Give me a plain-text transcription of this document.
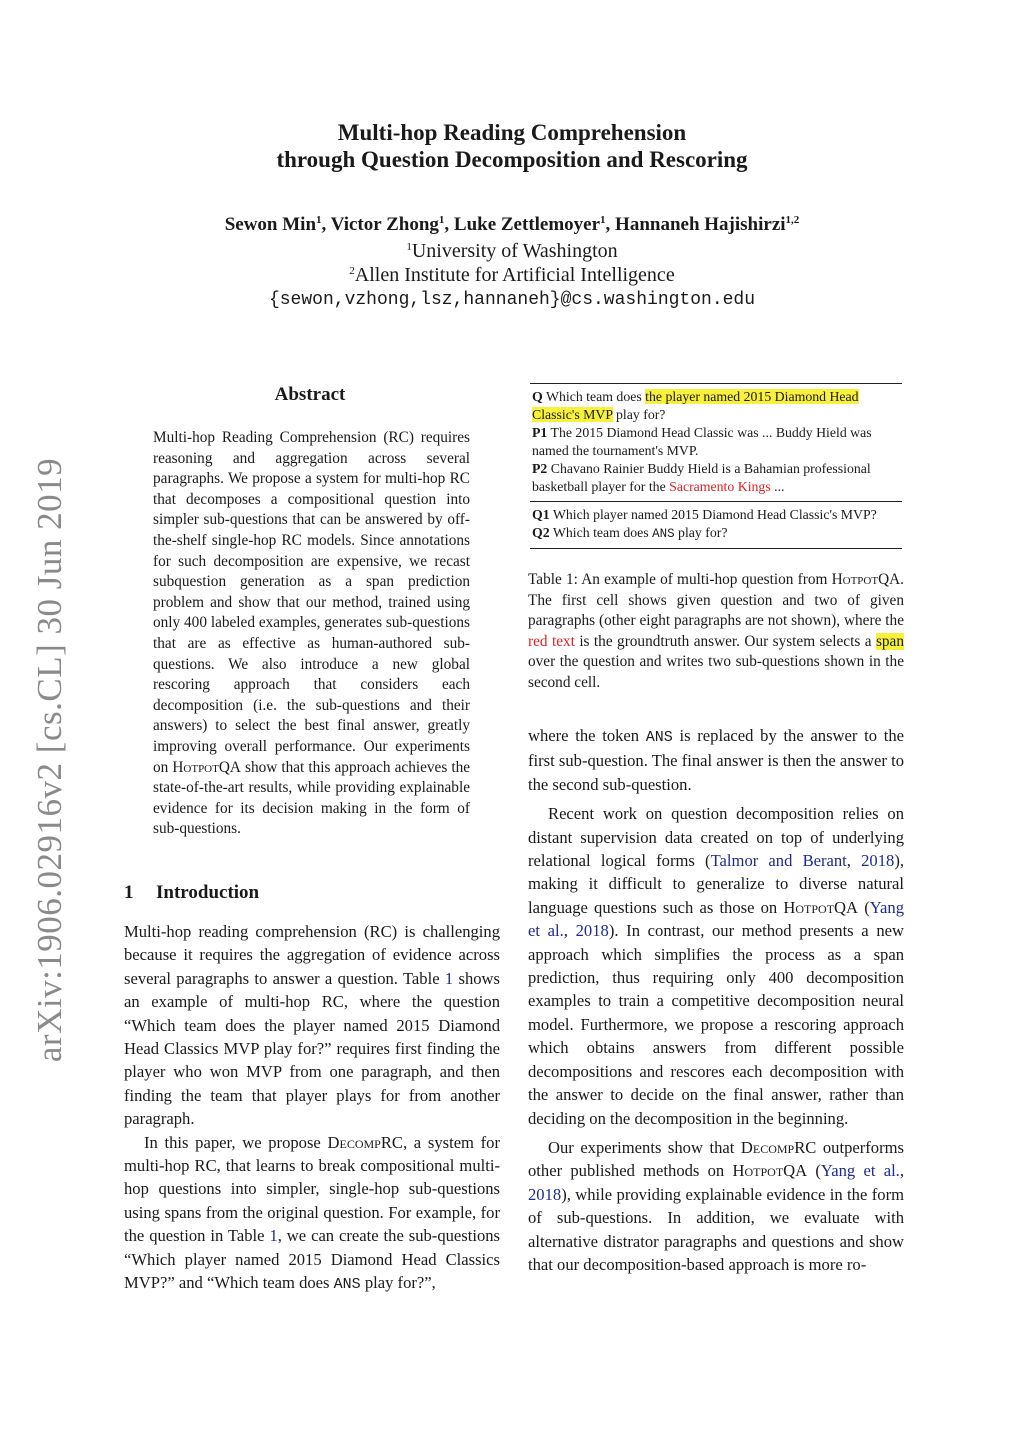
arXiv:1906.02916v2 [cs.CL] 30 Jun 2019
Multi-hop Reading Comprehension
through Question Decomposition and Rescoring
Sewon Min$^1$, Victor Zhong$^1$, Luke Zettlemoyer$^1$, Hannaneh Hajishirzi$^{1,2}$
$^1$University of Washington
$^2$Allen Institute for Artificial Intelligence
{sewon,vzhong,lsz,hannaneh}@cs.washington.edu
Abstract

Multi-hop Reading Comprehension (RC) requires reasoning and aggregation across several paragraphs. We propose a system for multi-hop RC that decomposes a compositional question into simpler sub-questions that can be answered by off-the-shelf single-hop RC models. Since annotations for such decomposition are expensive, we recast subquestion generation as a span prediction problem and show that our method, trained using only 400 labeled examples, generates sub-questions that are as effective as human-authored sub-questions. We also introduce a new global rescoring approach that considers each decomposition (i.e. the sub-questions and their answers) to select the best final answer, greatly improving overall performance. Our experiments on HotpotQA show that this approach achieves the state-of-the-art results, while providing explainable evidence for its decision making in the form of sub-questions.

Q Which team does the player named 2015 Diamond Head Classic's MVP play for?
P1 The 2015 Diamond Head Classic was ... Buddy Hield was named the tournament's MVP.
P2 Chavano Rainier Buddy Hield is a Bahamian professional basketball player for the Sacramento Kings ...
Q1 Which player named 2015 Diamond Head Classic's MVP?
Q2 Which team does ANS play for?
Table 1: An example of multi-hop question from HotpotQA. The first cell shows given question and two of given paragraphs (other eight paragraphs are not shown), where the red text is the groundtruth answer. Our system selects a span over the question and writes two sub-questions shown in the second cell.
1 Introduction

Multi-hop reading comprehension (RC) is challenging because it requires the aggregation of evidence across several paragraphs to answer a question. Table 1 shows an example of multi-hop RC, where the question “Which team does the player named 2015 Diamond Head Classics MVP play for?” requires first finding the player who won MVP from one paragraph, and then finding the team that player plays for from another paragraph.

In this paper, we propose DecompRC, a system for multi-hop RC, that learns to break compositional multi-hop questions into simpler, single-hop sub-questions using spans from the original question. For example, for the question in Table 1, we can create the sub-questions “Which player named 2015 Diamond Head Classics MVP?” and “Which team does ANS play for?”,

where the token ANS is replaced by the answer to the first sub-question. The final answer is then the answer to the second sub-question.

Recent work on question decomposition relies on distant supervision data created on top of underlying relational logical forms (Talmor and Berant, 2018), making it difficult to generalize to diverse natural language questions such as those on HotpotQA (Yang et al., 2018). In contrast, our method presents a new approach which simplifies the process as a span prediction, thus requiring only 400 decomposition examples to train a competitive decomposition neural model. Furthermore, we propose a rescoring approach which obtains answers from different possible decompositions and rescores each decomposition with the answer to decide on the final answer, rather than deciding on the decomposition in the beginning.

Our experiments show that DecompRC outperforms other published methods on HotpotQA (Yang et al., 2018), while providing explainable evidence in the form of sub-questions. In addition, we evaluate with alternative distrator paragraphs and questions and show that our decomposition-based approach is more ro-
